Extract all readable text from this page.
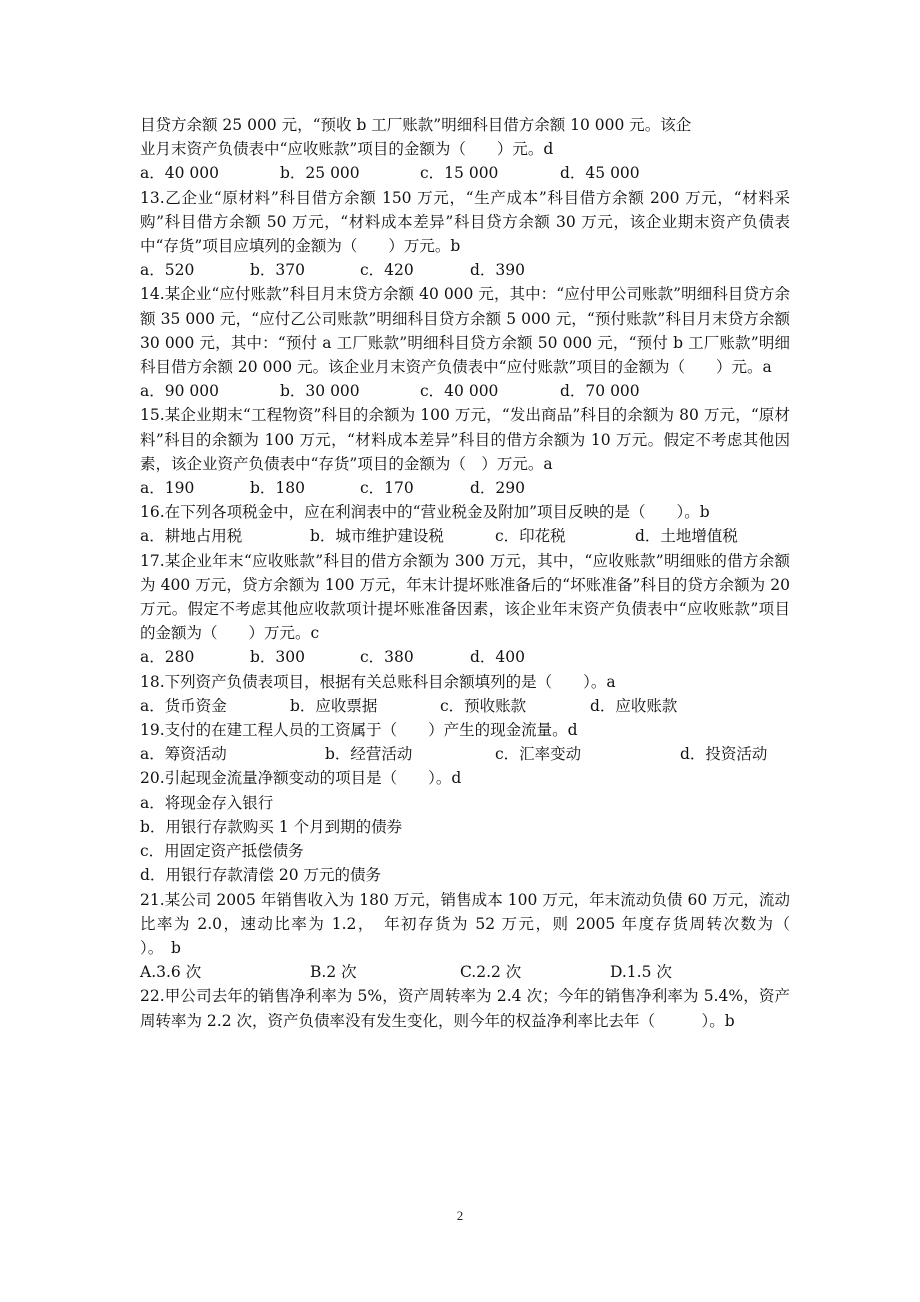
目贷方余额 25 000 元，“预收 b 工厂账款”明细科目借方余额 10 000 元。该企
业月末资产负债表中“应收账款”项目的金额为（　　）元。d
a．40 000	b．25 000	c．15 000	d．45 000
13.乙企业“原材料”科目借方余额 150 万元，“生产成本”科目借方余额 200 万元，“材料采购”科目借方余额 50 万元，“材料成本差异”科目贷方余额 30 万元，该企业期末资产负债表中“存货”项目应填列的金额为（　　）万元。b
a．520	b．370	c．420	d．390
14.某企业“应付账款”科目月末贷方余额 40 000 元，其中：“应付甲公司账款”明细科目贷方余额 35 000 元，“应付乙公司账款”明细科目贷方余额 5 000 元，“预付账款”科目月末贷方余额 30 000 元，其中：“预付 a 工厂账款”明细科目贷方余额 50 000 元，“预付 b 工厂账款”明细科目借方余额 20 000 元。该企业月末资产负债表中“应付账款”项目的金额为（　　）元。a
a．90 000	b．30 000	c．40 000	d．70 000
15.某企业期末“工程物资”科目的余额为 100 万元，“发出商品”科目的余额为 80 万元，“原材料”科目的余额为 100 万元，“材料成本差异”科目的借方余额为 10 万元。假定不考虑其他因素，该企业资产负债表中“存货”项目的金额为（　）万元。a
a．190	b．180	c．170	d．290
16.在下列各项税金中，应在利润表中的“营业税金及附加”项目反映的是（　　）。b
a．耕地占用税	b．城市维护建设税	c．印花税	d．土地增值税
17.某企业年末“应收账款”科目的借方余额为 300 万元，其中，“应收账款”明细账的借方余额为 400 万元，贷方余额为 100 万元，年末计提坏账准备后的“坏账准备”科目的贷方余额为 20 万元。假定不考虑其他应收款项计提坏账准备因素，该企业年末资产负债表中“应收账款”项目的金额为（　　）万元。c
a．280	b．300	c．380	d．400
18.下列资产负债表项目，根据有关总账科目余额填列的是（　　）。a
a．货币资金	b．应收票据	c．预收账款	d．应收账款
19.支付的在建工程人员的工资属于（　　）产生的现金流量。d
a．筹资活动	b．经营活动	c．汇率变动	d．投资活动
20.引起现金流量净额变动的项目是（　　）。d
a．将现金存入银行
b．用银行存款购买 1 个月到期的债券
c．用固定资产抵偿债务
d．用银行存款清偿 20 万元的债务
21.某公司 2005 年销售收入为 180 万元，销售成本 100 万元，年末流动负债 60 万元，流动比率为 2.0，速动比率为 1.2，　年初存货为 52 万元，则 2005 年度存货周转次数为（　　　）。　b
A.3.6 次	B.2 次	C.2.2 次	D.1.5 次
22.甲公司去年的销售净利率为 5%，资产周转率为 2.4 次；今年的销售净利率为 5.4%，资产周转率为 2.2 次，资产负债率没有发生变化，则今年的权益净利率比去年（　　　）。b
2
